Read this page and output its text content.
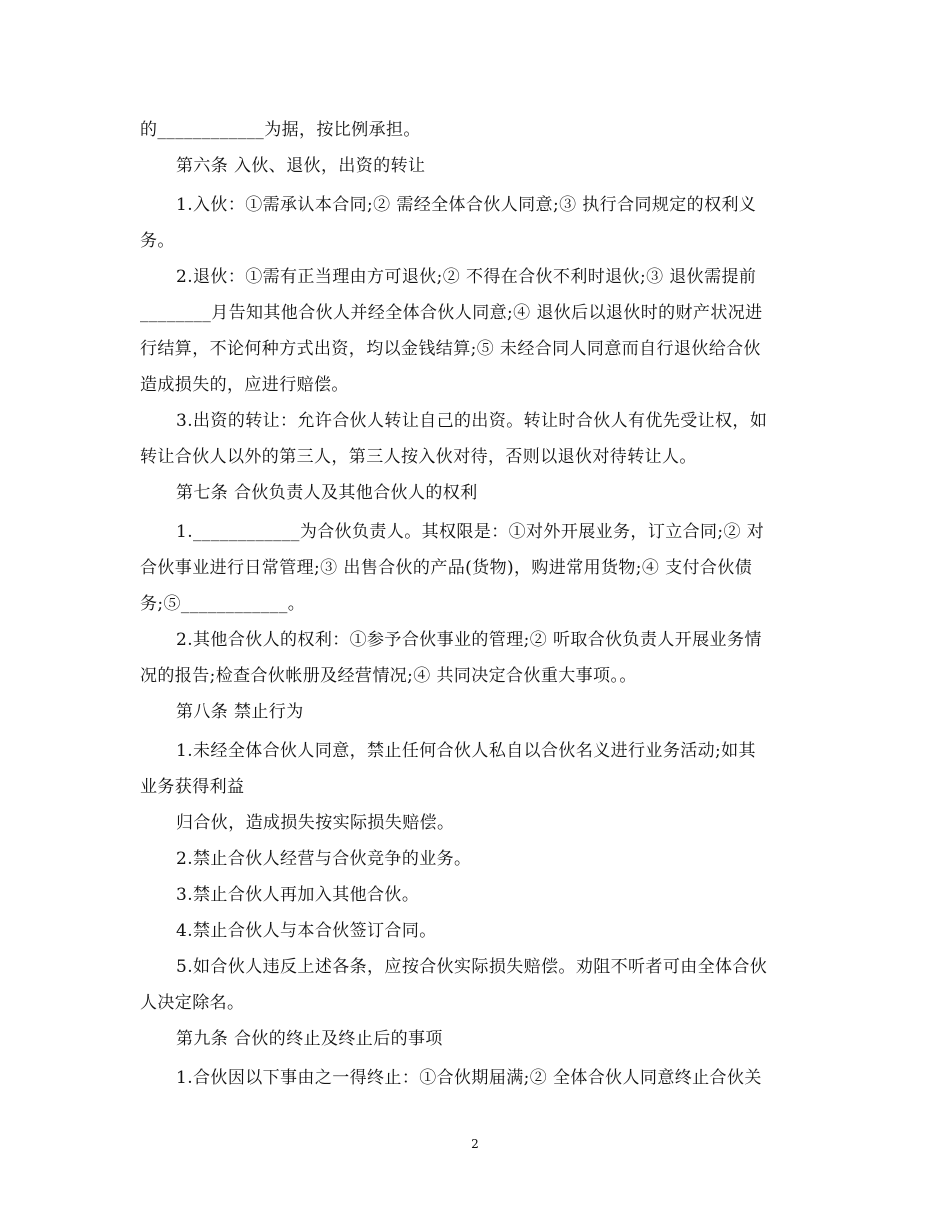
的____________为据，按比例承担。
第六条 入伙、退伙，出资的转让
1.入伙：①需承认本合同;② 需经全体合伙人同意;③ 执行合同规定的权利义
务。
2.退伙：①需有正当理由方可退伙;② 不得在合伙不利时退伙;③ 退伙需提前
________月告知其他合伙人并经全体合伙人同意;④ 退伙后以退伙时的财产状况进
行结算，不论何种方式出资，均以金钱结算;⑤ 未经合同人同意而自行退伙给合伙
造成损失的，应进行赔偿。
3.出资的转让：允许合伙人转让自己的出资。转让时合伙人有优先受让权，如
转让合伙人以外的第三人，第三人按入伙对待，否则以退伙对待转让人。
第七条 合伙负责人及其他合伙人的权利
1.____________为合伙负责人。其权限是：①对外开展业务，订立合同;② 对
合伙事业进行日常管理;③ 出售合伙的产品(货物)，购进常用货物;④ 支付合伙债
务;⑤____________。
2.其他合伙人的权利：①参予合伙事业的管理;② 听取合伙负责人开展业务情
况的报告;检查合伙帐册及经营情况;④ 共同决定合伙重大事项。。
第八条 禁止行为
1.未经全体合伙人同意，禁止任何合伙人私自以合伙名义进行业务活动;如其
业务获得利益
归合伙，造成损失按实际损失赔偿。
2.禁止合伙人经营与合伙竞争的业务。
3.禁止合伙人再加入其他合伙。
4.禁止合伙人与本合伙签订合同。
5.如合伙人违反上述各条，应按合伙实际损失赔偿。劝阻不听者可由全体合伙
人决定除名。
第九条 合伙的终止及终止后的事项
1.合伙因以下事由之一得终止：①合伙期届满;② 全体合伙人同意终止合伙关
2
